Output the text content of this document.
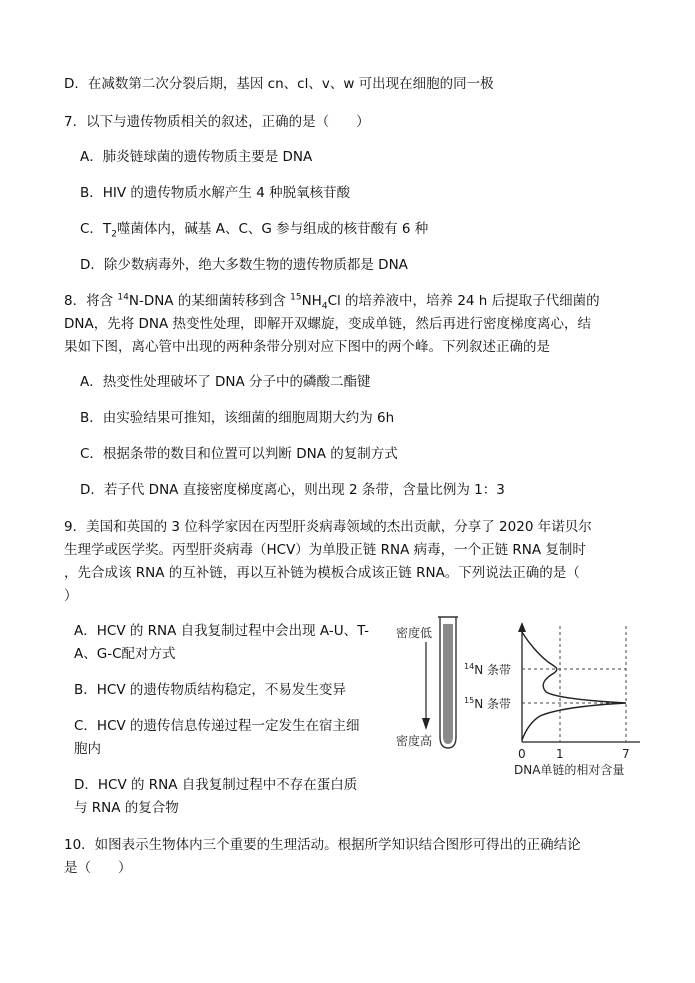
D．在减数第二次分裂后期，基因 cn、cl、v、w 可出现在细胞的同一极
7．以下与遗传物质相关的叙述，正确的是（　　）
A．肺炎链球菌的遗传物质主要是 DNA
B．HIV 的遗传物质水解产生 4 种脱氧核苷酸
C．$T_2$噬菌体内，碱基 A、C、G 参与组成的核苷酸有 6 种
D．除少数病毒外，绝大多数生物的遗传物质都是 DNA
8．将含 $^{14}$N-DNA 的某细菌转移到含 $^{15}NH_4Cl$ 的培养液中，培养 24 h 后提取子代细菌的
DNA，先将 DNA 热变性处理，即解开双螺旋，变成单链，然后再进行密度梯度离心，结
果如下图，离心管中出现的两种条带分别对应下图中的两个峰。下列叙述正确的是
A．热变性处理破坏了 DNA 分子中的磷酸二酯键
B．由实验结果可推知，该细菌的细胞周期大约为 6h
C．根据条带的数目和位置可以判断 DNA 的复制方式
D．若子代 DNA 直接密度梯度离心，则出现 2 条带，含量比例为 1：3
9．美国和英国的 3 位科学家因在丙型肝炎病毒领域的杰出贡献，分享了 2020 年诺贝尔
生理学或医学奖。丙型肝炎病毒（HCV）为单股正链 RNA 病毒，一个正链 RNA 复制时
，先合成该 RNA 的互补链，再以互补链为模板合成该正链 RNA。下列说法正确的是（
）
A．HCV 的 RNA 自我复制过程中会出现 A-U、T-
A、G-C配对方式
B．HCV 的遗传物质结构稳定，不易发生变异
C．HCV 的遗传信息传递过程一定发生在宿主细
胞内
D．HCV 的 RNA 自我复制过程中不存在蛋白质
与 RNA 的复合物
10．如图表示生物体内三个重要的生理活动。根据所学知识结合图形可得出的正确结论
是（　　）
密度低
密度高
$^{14}$N 条带
$^{15}$N 条带
0	1	7
DNA单链的相对含量
